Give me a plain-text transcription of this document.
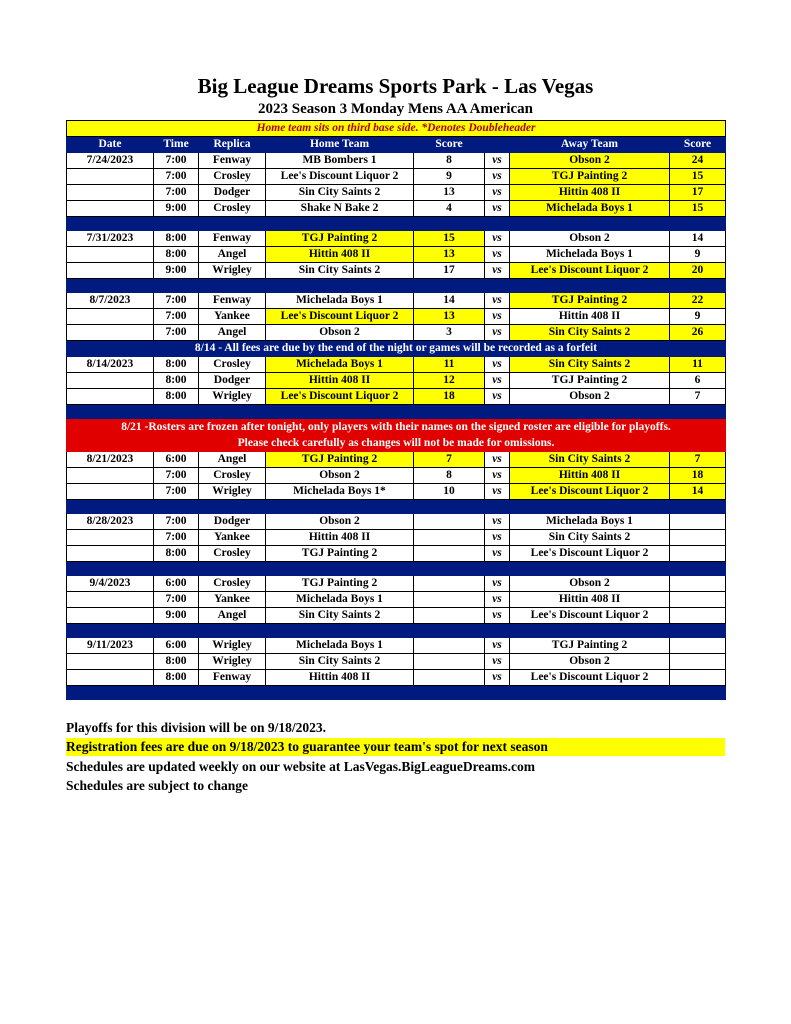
Big League Dreams Sports Park - Las Vegas
2023 Season 3 Monday Mens AA American
Home team sits on third base side. *Denotes Doubleheader							
Date	Time	Replica	Home Team	Score		Away Team	Score
7/24/2023	7:00	Fenway	MB Bombers 1	8	vs	Obson 2	24
	7:00	Crosley	Lee's Discount Liquor 2	9	vs	TGJ Painting 2	15
	7:00	Dodger	Sin City Saints 2	13	vs	Hittin 408 II	17
	9:00	Crosley	Shake N Bake 2	4	vs	Michelada Boys 1	15

7/31/2023	8:00	Fenway	TGJ Painting 2	15	vs	Obson 2	14
	8:00	Angel	Hittin 408 II	13	vs	Michelada Boys 1	9
	9:00	Wrigley	Sin City Saints 2	17	vs	Lee's Discount Liquor 2	20

8/7/2023	7:00	Fenway	Michelada Boys 1	14	vs	TGJ Painting 2	22
	7:00	Yankee	Lee's Discount Liquor 2	13	vs	Hittin 408 II	9
	7:00	Angel	Obson 2	3	vs	Sin City Saints 2	26
8/14 - All fees are due by the end of the night or games will be recorded as a forfeit							
8/14/2023	8:00	Crosley	Michelada Boys 1	11	vs	Sin City Saints 2	11
	8:00	Dodger	Hittin 408 II	12	vs	TGJ Painting 2	6
	8:00	Wrigley	Lee's Discount Liquor 2	18	vs	Obson 2	7

8/21 -Rosters are frozen after tonight, only players with their names on the signed roster are eligible for playoffs.
Please check carefully as changes will not be made for omissions.							

8/21/2023	6:00	Angel	TGJ Painting 2	7	vs	Sin City Saints 2	7
	7:00	Crosley	Obson 2	8	vs	Hittin 408 II	18
	7:00	Wrigley	Michelada Boys 1*	10	vs	Lee's Discount Liquor 2	14

8/28/2023	7:00	Dodger	Obson 2		vs	Michelada Boys 1	
	7:00	Yankee	Hittin 408 II		vs	Sin City Saints 2	
	8:00	Crosley	TGJ Painting 2		vs	Lee's Discount Liquor 2	

9/4/2023	6:00	Crosley	TGJ Painting 2		vs	Obson 2	
	7:00	Yankee	Michelada Boys 1		vs	Hittin 408 II	
	9:00	Angel	Sin City Saints 2		vs	Lee's Discount Liquor 2	

9/11/2023	6:00	Wrigley	Michelada Boys 1		vs	TGJ Painting 2	
	8:00	Wrigley	Sin City Saints 2		vs	Obson 2	
	8:00	Fenway	Hittin 408 II		vs	Lee's Discount Liquor 2	

Playoffs for this division will be on 9/18/2023.
Registration fees are due on 9/18/2023 to guarantee your team's spot for next season
Schedules are updated weekly on our website at LasVegas.BigLeagueDreams.com
Schedules are subject to change
